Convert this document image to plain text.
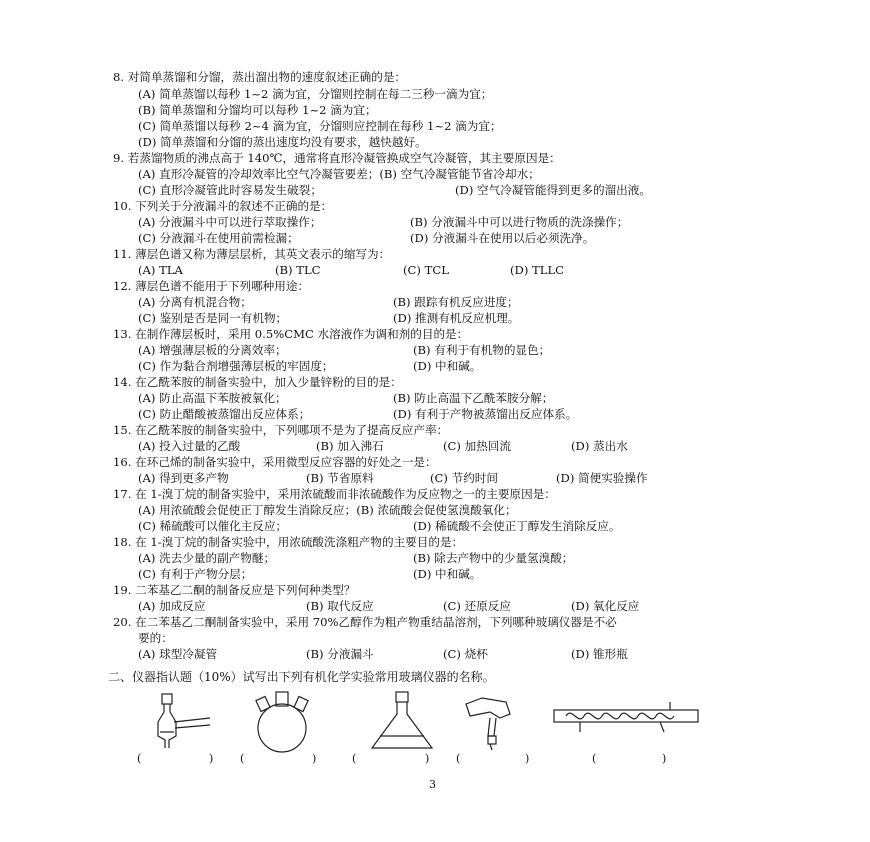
8. 对简单蒸馏和分馏，蒸出溜出物的速度叙述正确的是：
(A) 简单蒸馏以每秒 1~2 滴为宜，分馏则控制在每二三秒一滴为宜；
(B) 简单蒸馏和分馏均可以每秒 1~2 滴为宜；
(C) 简单蒸馏以每秒 2~4 滴为宜，分馏则应控制在每秒 1~2 滴为宜；
(D) 简单蒸馏和分馏的蒸出速度均没有要求，越快越好。
9. 若蒸馏物质的沸点高于 140℃，通常将直形冷凝管换成空气冷凝管，其主要原因是：
(A) 直形冷凝管的冷却效率比空气冷凝管要差；(B) 空气冷凝管能节省冷却水；
(C) 直形冷凝管此时容易发生破裂；	(D) 空气冷凝管能得到更多的溜出液。
10. 下列关于分液漏斗的叙述不正确的是：
(A) 分液漏斗中可以进行萃取操作；	(B) 分液漏斗中可以进行物质的洗涤操作；
(C) 分液漏斗在使用前需检漏；	(D) 分液漏斗在使用以后必须洗净。
11. 薄层色谱又称为薄层层析，其英文表示的缩写为：
(A) TLA	(B) TLC	(C) TCL	(D) TLLC
12. 薄层色谱不能用于下列哪种用途：
(A) 分离有机混合物；	(B) 跟踪有机反应进度；
(C) 鉴别是否是同一有机物；	(D) 推测有机反应机理。
13. 在制作薄层板时，采用 0.5%CMC 水溶液作为调和剂的目的是：
(A) 增强薄层板的分离效率；	(B) 有利于有机物的显色；
(C) 作为黏合剂增强薄层板的牢固度；	(D) 中和碱。
14. 在乙酰苯胺的制备实验中，加入少量锌粉的目的是：
(A) 防止高温下苯胺被氧化；	(B) 防止高温下乙酰苯胺分解；
(C) 防止醋酸被蒸馏出反应体系；	(D) 有利于产物被蒸馏出反应体系。
15. 在乙酰苯胺的制备实验中，下列哪项不是为了提高反应产率：
(A) 投入过量的乙酸	(B) 加入沸石	(C) 加热回流	(D) 蒸出水
16. 在环己烯的制备实验中，采用微型反应容器的好处之一是：
(A) 得到更多产物	(B) 节省原料	(C) 节约时间	(D) 简便实验操作
17. 在 1-溴丁烷的制备实验中，采用浓硫酸而非浓硫酸作为反应物之一的主要原因是：
(A) 用浓硫酸会促使正丁醇发生消除反应；(B) 浓硫酸会促使氢溴酸氧化；
(C) 稀硫酸可以催化主反应；	(D) 稀硫酸不会使正丁醇发生消除反应。
18. 在 1-溴丁烷的制备实验中，用浓硫酸洗涤粗产物的主要目的是：
(A) 洗去少量的副产物醚；	(B) 除去产物中的少量氢溴酸；
(C) 有利于产物分层；	(D) 中和碱。
19. 二苯基乙二酮的制备反应是下列何种类型？
(A) 加成反应	(B) 取代反应	(C) 还原反应	(D) 氧化反应
20. 在二苯基乙二酮制备实验中，采用 70%乙醇作为粗产物重结晶溶剂，下列哪种玻璃仪器是不必
要的：
(A) 球型冷凝管	(B) 分液漏斗	(C) 烧杯	(D) 锥形瓶
二、仪器指认题（10%）试写出下列有机化学实验常用玻璃仪器的名称。
(	) (	)	(	) (	)	(	)
3
